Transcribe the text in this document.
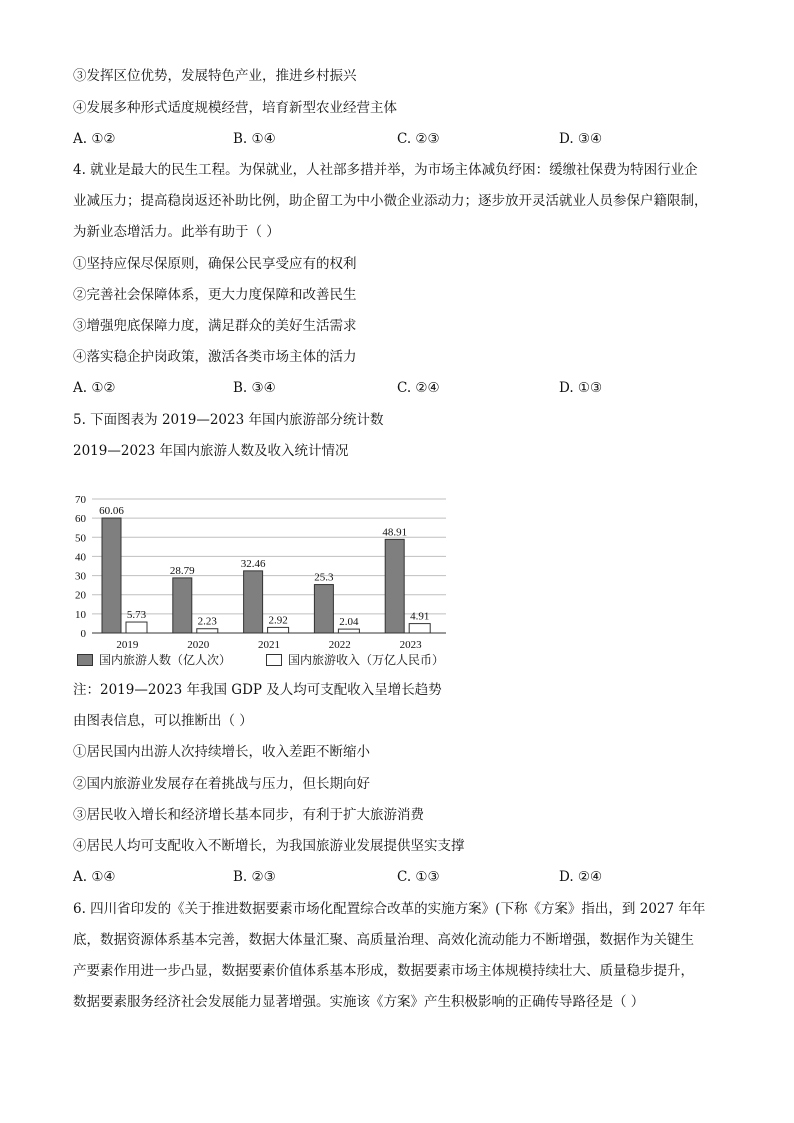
③发挥区位优势，发展特色产业，推进乡村振兴
④发展多种形式适度规模经营，培育新型农业经营主体
A. ①②	B. ①④	C. ②③	D. ③④
4. 就业是最大的民生工程。为保就业，人社部多措并举，为市场主体减负纾困：缓缴社保费为特困行业企
业减压力；提高稳岗返还补助比例，助企留工为中小微企业添动力；逐步放开灵活就业人员参保户籍限制，
为新业态增活力。此举有助于（ ）
①坚持应保尽保原则，确保公民享受应有的权利
②完善社会保障体系，更大力度保障和改善民生
③增强兜底保障力度，满足群众的美好生活需求
④落实稳企护岗政策，激活各类市场主体的活力
A. ①②	B. ③④	C. ②④	D. ①③
5. 下面图表为 2019—2023 年国内旅游部分统计数
2019—2023 年国内旅游人数及收入统计情况
0
10
20
30
40
50
60
70
60.06
5.73
2019
28.79
2.23
2020
32.46
2.92
2021
25.3
2.04
2022
48.91
4.91
2023
国内旅游人数（亿人次）	国内旅游收入（万亿人民币）
注：2019—2023 年我国 GDP 及人均可支配收入呈增长趋势
由图表信息，可以推断出（ ）
①居民国内出游人次持续增长，收入差距不断缩小
②国内旅游业发展存在着挑战与压力，但长期向好
③居民收入增长和经济增长基本同步，有利于扩大旅游消费
④居民人均可支配收入不断增长，为我国旅游业发展提供坚实支撑
A. ①④	B. ②③	C. ①③	D. ②④
6. 四川省印发的《关于推进数据要素市场化配置综合改革的实施方案》(下称《方案》指出，到 2027 年年
底，数据资源体系基本完善，数据大体量汇聚、高质量治理、高效化流动能力不断增强，数据作为关键生
产要素作用进一步凸显，数据要素价值体系基本形成，数据要素市场主体规模持续壮大、质量稳步提升，
数据要素服务经济社会发展能力显著增强。实施该《方案》产生积极影响的正确传导路径是（ ）
